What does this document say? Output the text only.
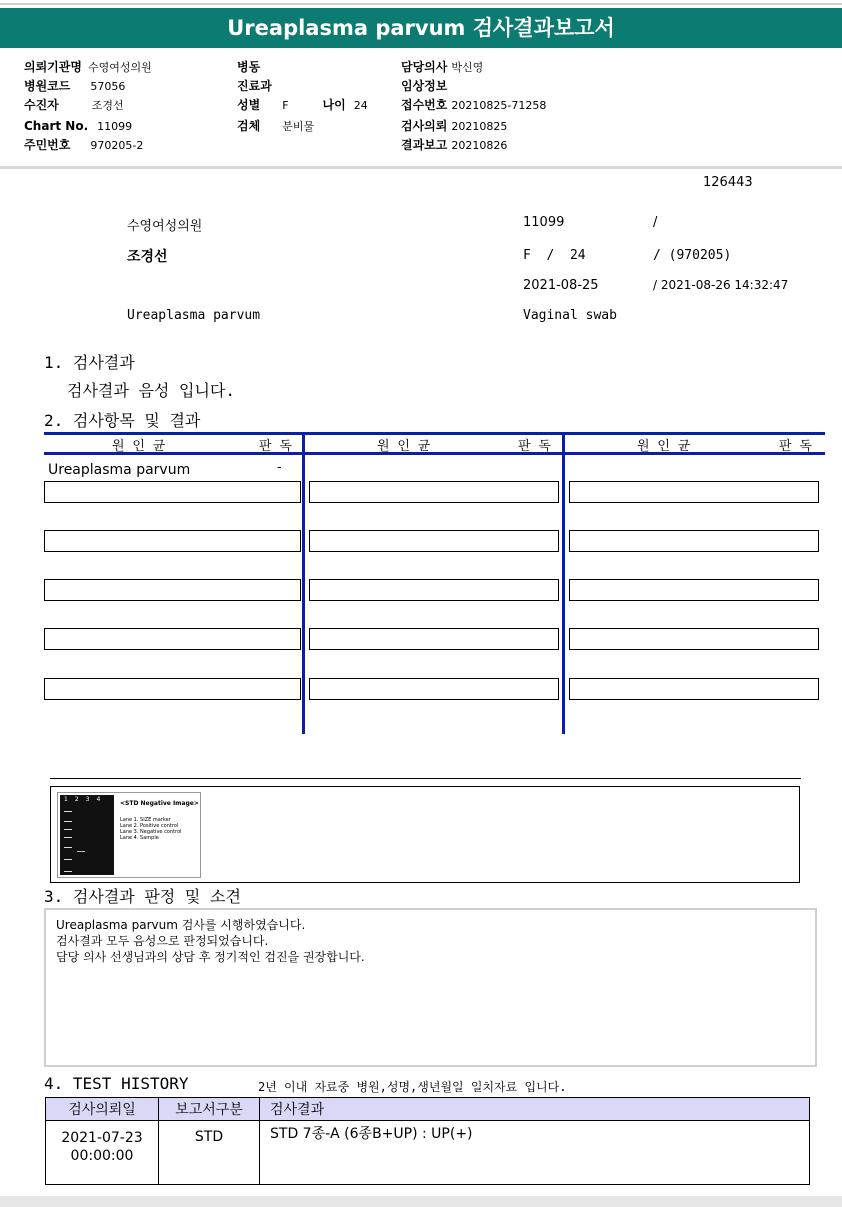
Ureaplasma parvum 검사결과보고서
의뢰기관명 수영여성의원
병원코드 57056
수진자	조경선
Chart No. 11099
주민번호 970205-2
병동
진료과
성별 F	나이 24
검체 분비물
담당의사 박신영
임상정보
접수번호 20210825-71258
검사의뢰 20210825
결과보고 20210826
126443
수영여성의원	11099	/
조경선	F  /  24	/ (970205)
2021-08-25	/ 2021-08-26 14:32:47
Ureaplasma parvum	Vaginal swab
1. 검사결과
검사결과 음성 입니다.
2. 검사항목 및 결과
원 인 균	판 독	원 인 균	판 독	원 인 균	판 독
Ureaplasma parvum	-
1234
<STD Negative Image>
Lane 1. SIZE marker
Lane 2. Positive control
Lane 3. Negative control
Lane 4. Sample
3. 검사결과 판정 및 소견
Ureaplasma parvum 검사를 시행하였습니다.
검사결과 모두 음성으로 판정되었습니다.
담당 의사 선생님과의 상담 후 정기적인 검진을 권장합니다.
4. TEST HISTORY	2년 이내 자료중 병원,성명,생년월일 일치자료 입니다.
검사의뢰일	보고서구분	검사결과

2021-07-23
00:00:00	STD	STD 7종-A (6종B+UP) : UP(+)
